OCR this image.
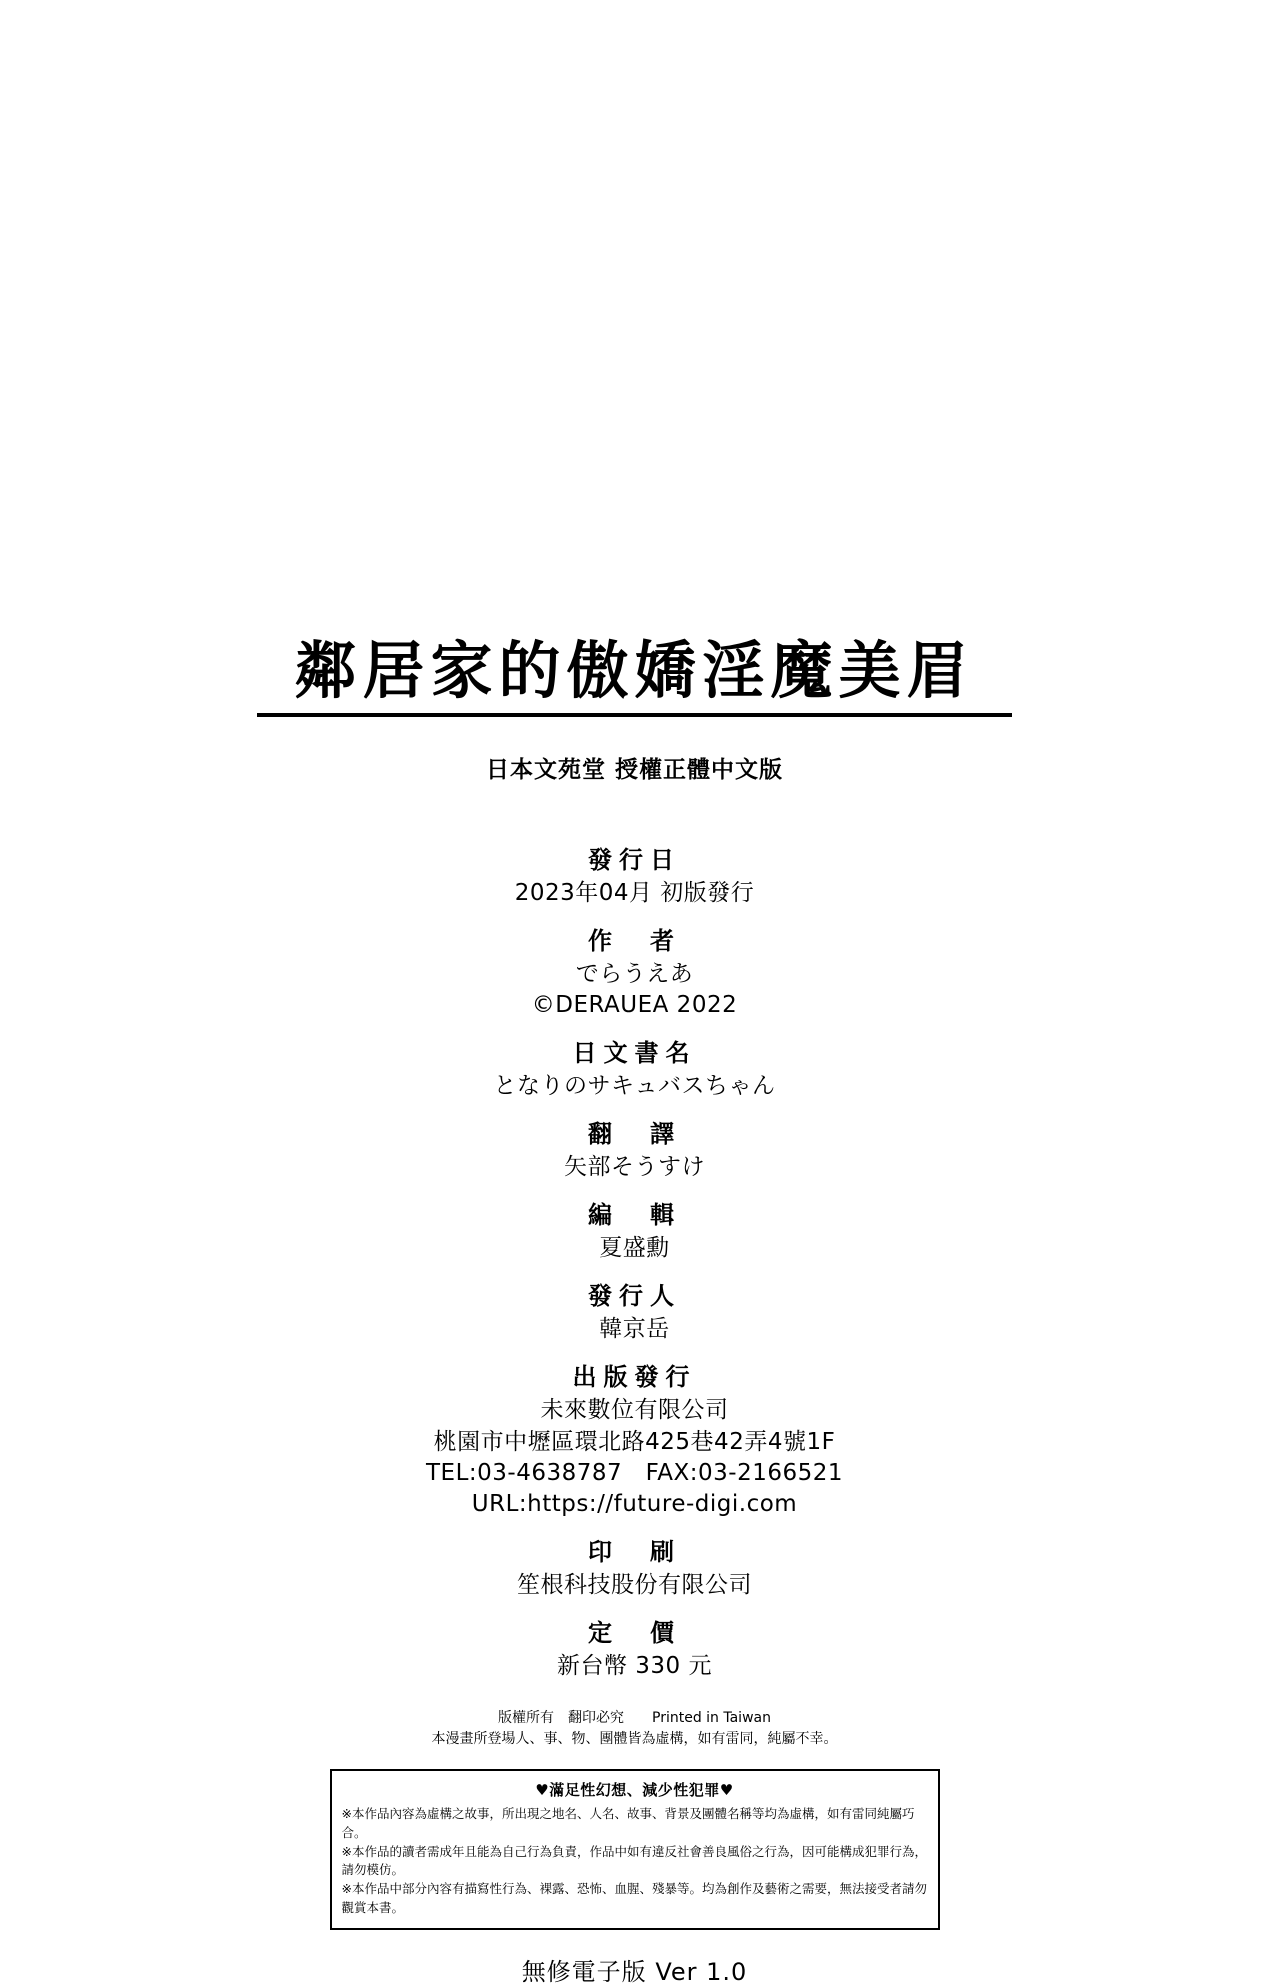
鄰居家的傲嬌淫魔美眉
日本文苑堂 授權正體中文版
發行日
2023年04月 初版發行
作　者
でらうえあ
©DERAUEA 2022
日文書名
となりのサキュバスちゃん
翻　譯
矢部そうすけ
編　輯
夏盛勳
發行人
韓京岳
出版發行
未來數位有限公司
桃園市中壢區環北路425巷42弄4號1F
TEL:03-4638787　FAX:03-2166521
URL:https://future-digi.com
印　刷
笙根科技股份有限公司
定　價
新台幣 330 元
版權所有　翻印必究　　Printed in Taiwan
本漫畫所登場人、事、物、團體皆為虛構，如有雷同，純屬不幸。
♥滿足性幻想、減少性犯罪♥
※本作品內容為虛構之故事，所出現之地名、人名、故事、背景及團體名稱等均為虛構，如有雷同純屬巧合。
※本作品的讀者需成年且能為自己行為負責，作品中如有違反社會善良風俗之行為，因可能構成犯罪行為，請勿模仿。
※本作品中部分內容有描寫性行為、裸露、恐怖、血腥、殘暴等。均為創作及藝術之需要，無法接受者請勿觀賞本書。
無修電子版 Ver 1.0
